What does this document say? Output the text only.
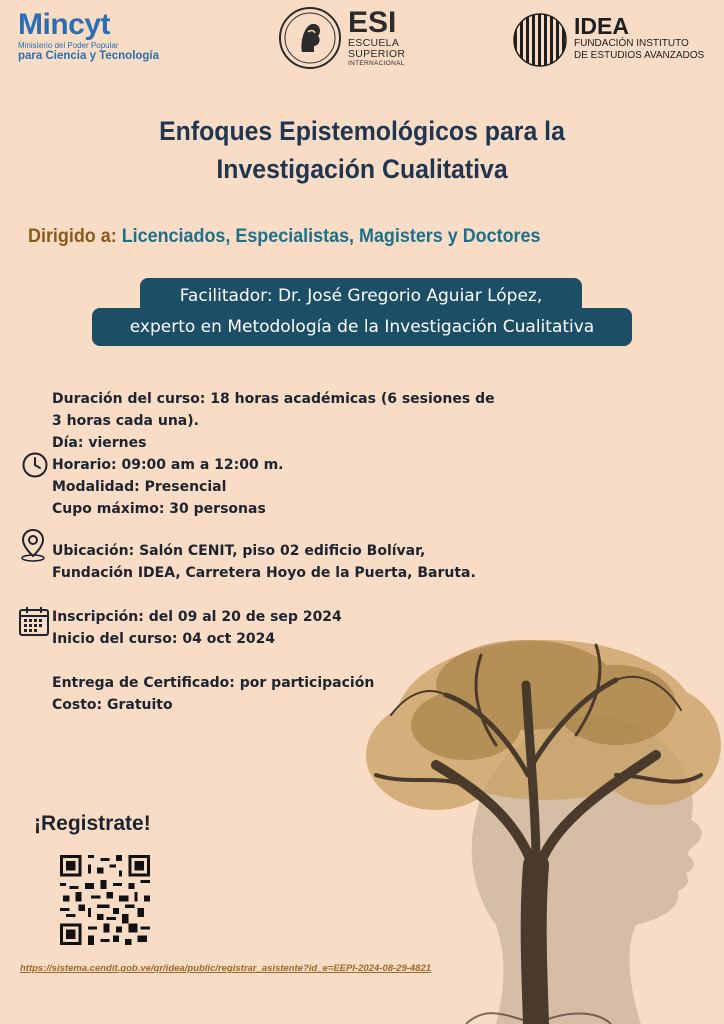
Mincyt
Ministerio del Poder Popular
para Ciencia y Tecnología
ESI
ESCUELA
SUPERIOR
INTERNACIONAL
IDEA
FUNDACIÓN INSTITUTO
DE ESTUDIOS AVANZADOS
Enfoques Epistemológicos para la
Investigación Cualitativa
Dirigido a: Licenciados, Especialistas, Magisters y Doctores
Facilitador: Dr. José Gregorio Aguiar López,
experto en Metodología de la Investigación Cualitativa
Duración del curso: 18 horas académicas (6 sesiones de
3 horas cada una).
Día: viernes
Horario: 09:00 am a 12:00 m.
Modalidad: Presencial
Cupo máximo: 30 personas
Ubicación: Salón CENIT, piso 02 edificio Bolívar,
Fundación IDEA, Carretera Hoyo de la Puerta, Baruta.
Inscripción: del 09 al 20 de sep 2024
Inicio del curso: 04 oct 2024
Entrega de Certificado: por participación
Costo: Gratuito
¡Registrate!
https://sistema.cendit.gob.ve/qr/idea/public/registrar_asistente?id_e=EEPI-2024-08-29-4821
